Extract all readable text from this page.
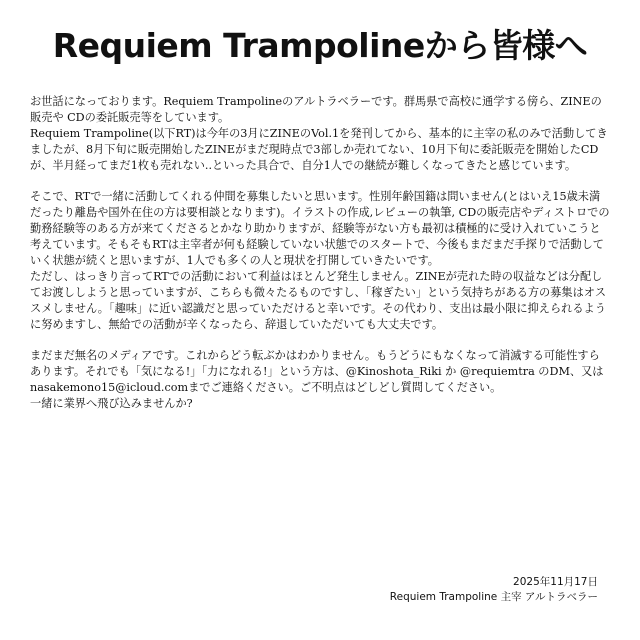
Requiem Trampolineから皆様へ

お世話になっております。Requiem Trampolineのアルトラベラーです。群馬県で高校に通学する傍ら、ZINEの販売や CDの委託販売等をしています。

Requiem Trampoline(以下RT)は今年の3月にZINEのVol.1を発刊してから、基本的に主宰の私のみで活動してきましたが、8月下旬に販売開始したZINEがまだ現時点で3部しか売れてない、10月下旬に委託販売を開始したCDが、半月経ってまだ1枚も売れない..といった具合で、自分1人での継続が難しくなってきたと感じています。

そこで、RTで一緒に活動してくれる仲間を募集したいと思います。性別年齢国籍は問いません(とはいえ15歳未満だったり離島や国外在住の方は要相談となります)。イラストの作成,レビューの執筆, CDの販売店やディストロでの勤務経験等のある方が来てくださるとかなり助かりますが、経験等がない方も最初は積極的に受け入れていこうと考えています。そもそもRTは主宰者が何も経験していない状態でのスタートで、今後もまだまだ手探りで活動していく状態が続くと思いますが、1人でも多くの人と現状を打開していきたいです。

ただし、はっきり言ってRTでの活動において利益はほとんど発生しません。ZINEが売れた時の収益などは分配してお渡ししようと思っていますが、こちらも微々たるものですし、「稼ぎたい」という気持ちがある方の募集はオススメしません。「趣味」に近い認識だと思っていただけると幸いです。その代わり、支出は最小限に抑えられるように努めますし、無給での活動が辛くなったら、辞退していただいても大丈夫です。

まだまだ無名のメディアです。これからどう転ぶかはわかりません。もうどうにもなくなって消滅する可能性すらあります。それでも「気になる!」「力になれる!」という方は、@Kinoshota_Riki か @requiemtra のDM、又はnasakemono15@icloud.comまでご連絡ください。ご不明点はどしどし質問してください。

一緒に業界へ飛び込みませんか?

2025年11月17日
Requiem Trampoline 主宰 アルトラベラー
